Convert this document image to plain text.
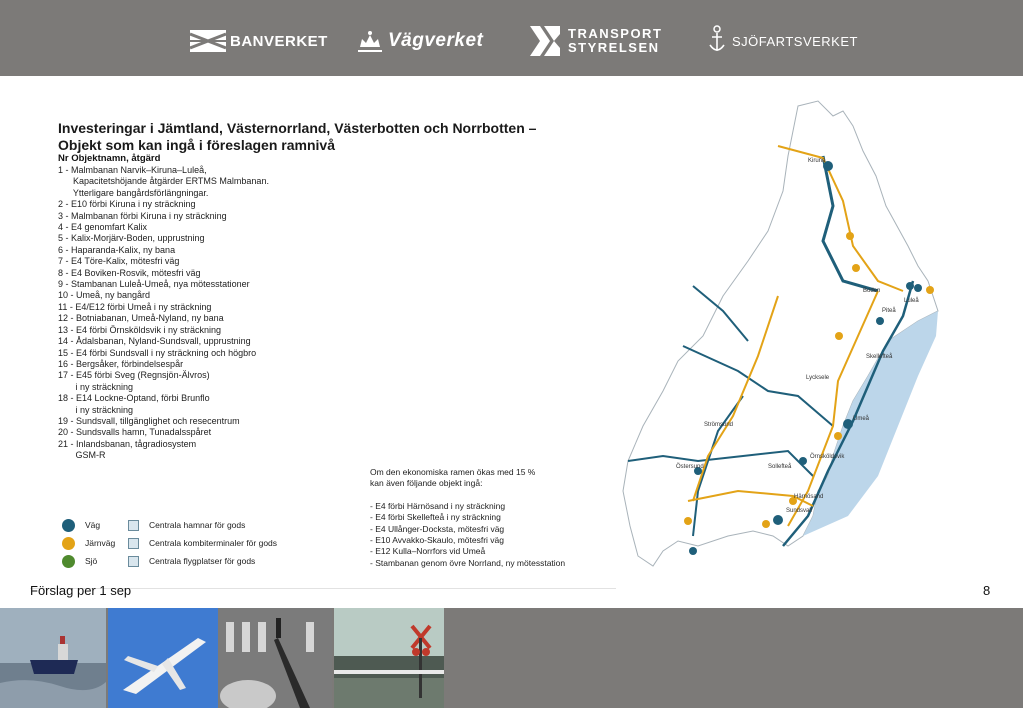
BANVERKET	Vägverket	TRANSPORT
STYRELSEN	SJÖFARTSVERKET
Investeringar i Jämtland, Västernorrland, Västerbotten och Norrbotten –
Objekt som kan ingå i föreslagen ramnivå
Nr Objektnamn, åtgärd
1 - Malmbanan Narvik–Kiruna–Luleå,
Kapacitetshöjande åtgärder ERTMS Malmbanan.
Ytterligare bangårdsförlängningar.
2 - E10 förbi Kiruna i ny sträckning
3 - Malmbanan förbi Kiruna i ny sträckning
4 - E4 genomfart Kalix
5 - Kalix-Morjärv-Boden, upprustning
6 - Haparanda-Kalix, ny bana
7 - E4 Töre-Kalix, mötesfri väg
8 - E4 Boviken-Rosvik, mötesfri väg
9 - Stambanan Luleå-Umeå, nya mötesstationer
10 - Umeå, ny bangård
11 - E4/E12 förbi Umeå i ny sträckning
12 - Botniabanan, Umeå-Nyland, ny bana
13 - E4 förbi Örnsköldsvik i ny sträckning
14 - Ådalsbanan, Nyland-Sundsvall, upprustning
15 - E4 förbi Sundsvall i ny sträckning och högbro
16 - Bergsåker, förbindelsespår
17 - E45 förbi Sveg (Regnsjön-Älvros)
i ny sträckning
18 - E14 Lockne-Optand, förbi Brunflo
i ny sträckning
19 - Sundsvall, tillgänglighet och resecentrum
20 - Sundsvalls hamn, Tunadalsspåret
21 - Inlandsbanan, tågradiosystem
GSM-R
Om den ekonomiska ramen ökas med 15 %
kan även följande objekt ingå:
- E4 förbi Härnösand i ny sträckning
- E4 förbi Skellefteå i ny sträckning
- E4 Ullånger-Docksta, mötesfri väg
- E10 Avvakko-Skaulo, mötesfri väg
- E12 Kulla–Norrfors vid Umeå
- Stambanan genom övre Norrland, ny mötesstation
Väg
Järnväg
Sjö
Centrala hamnar för gods
Centrala kombiterminaler för gods
Centrala flygplatser för gods
Kiruna
Boden
Luleå
Piteå
Skellefteå
Lycksele
Umeå
Strömsund
Örnsköldsvik
Östersund	Sollefteå
Härnösand
Sundsvall
Förslag per 1 sep	8
